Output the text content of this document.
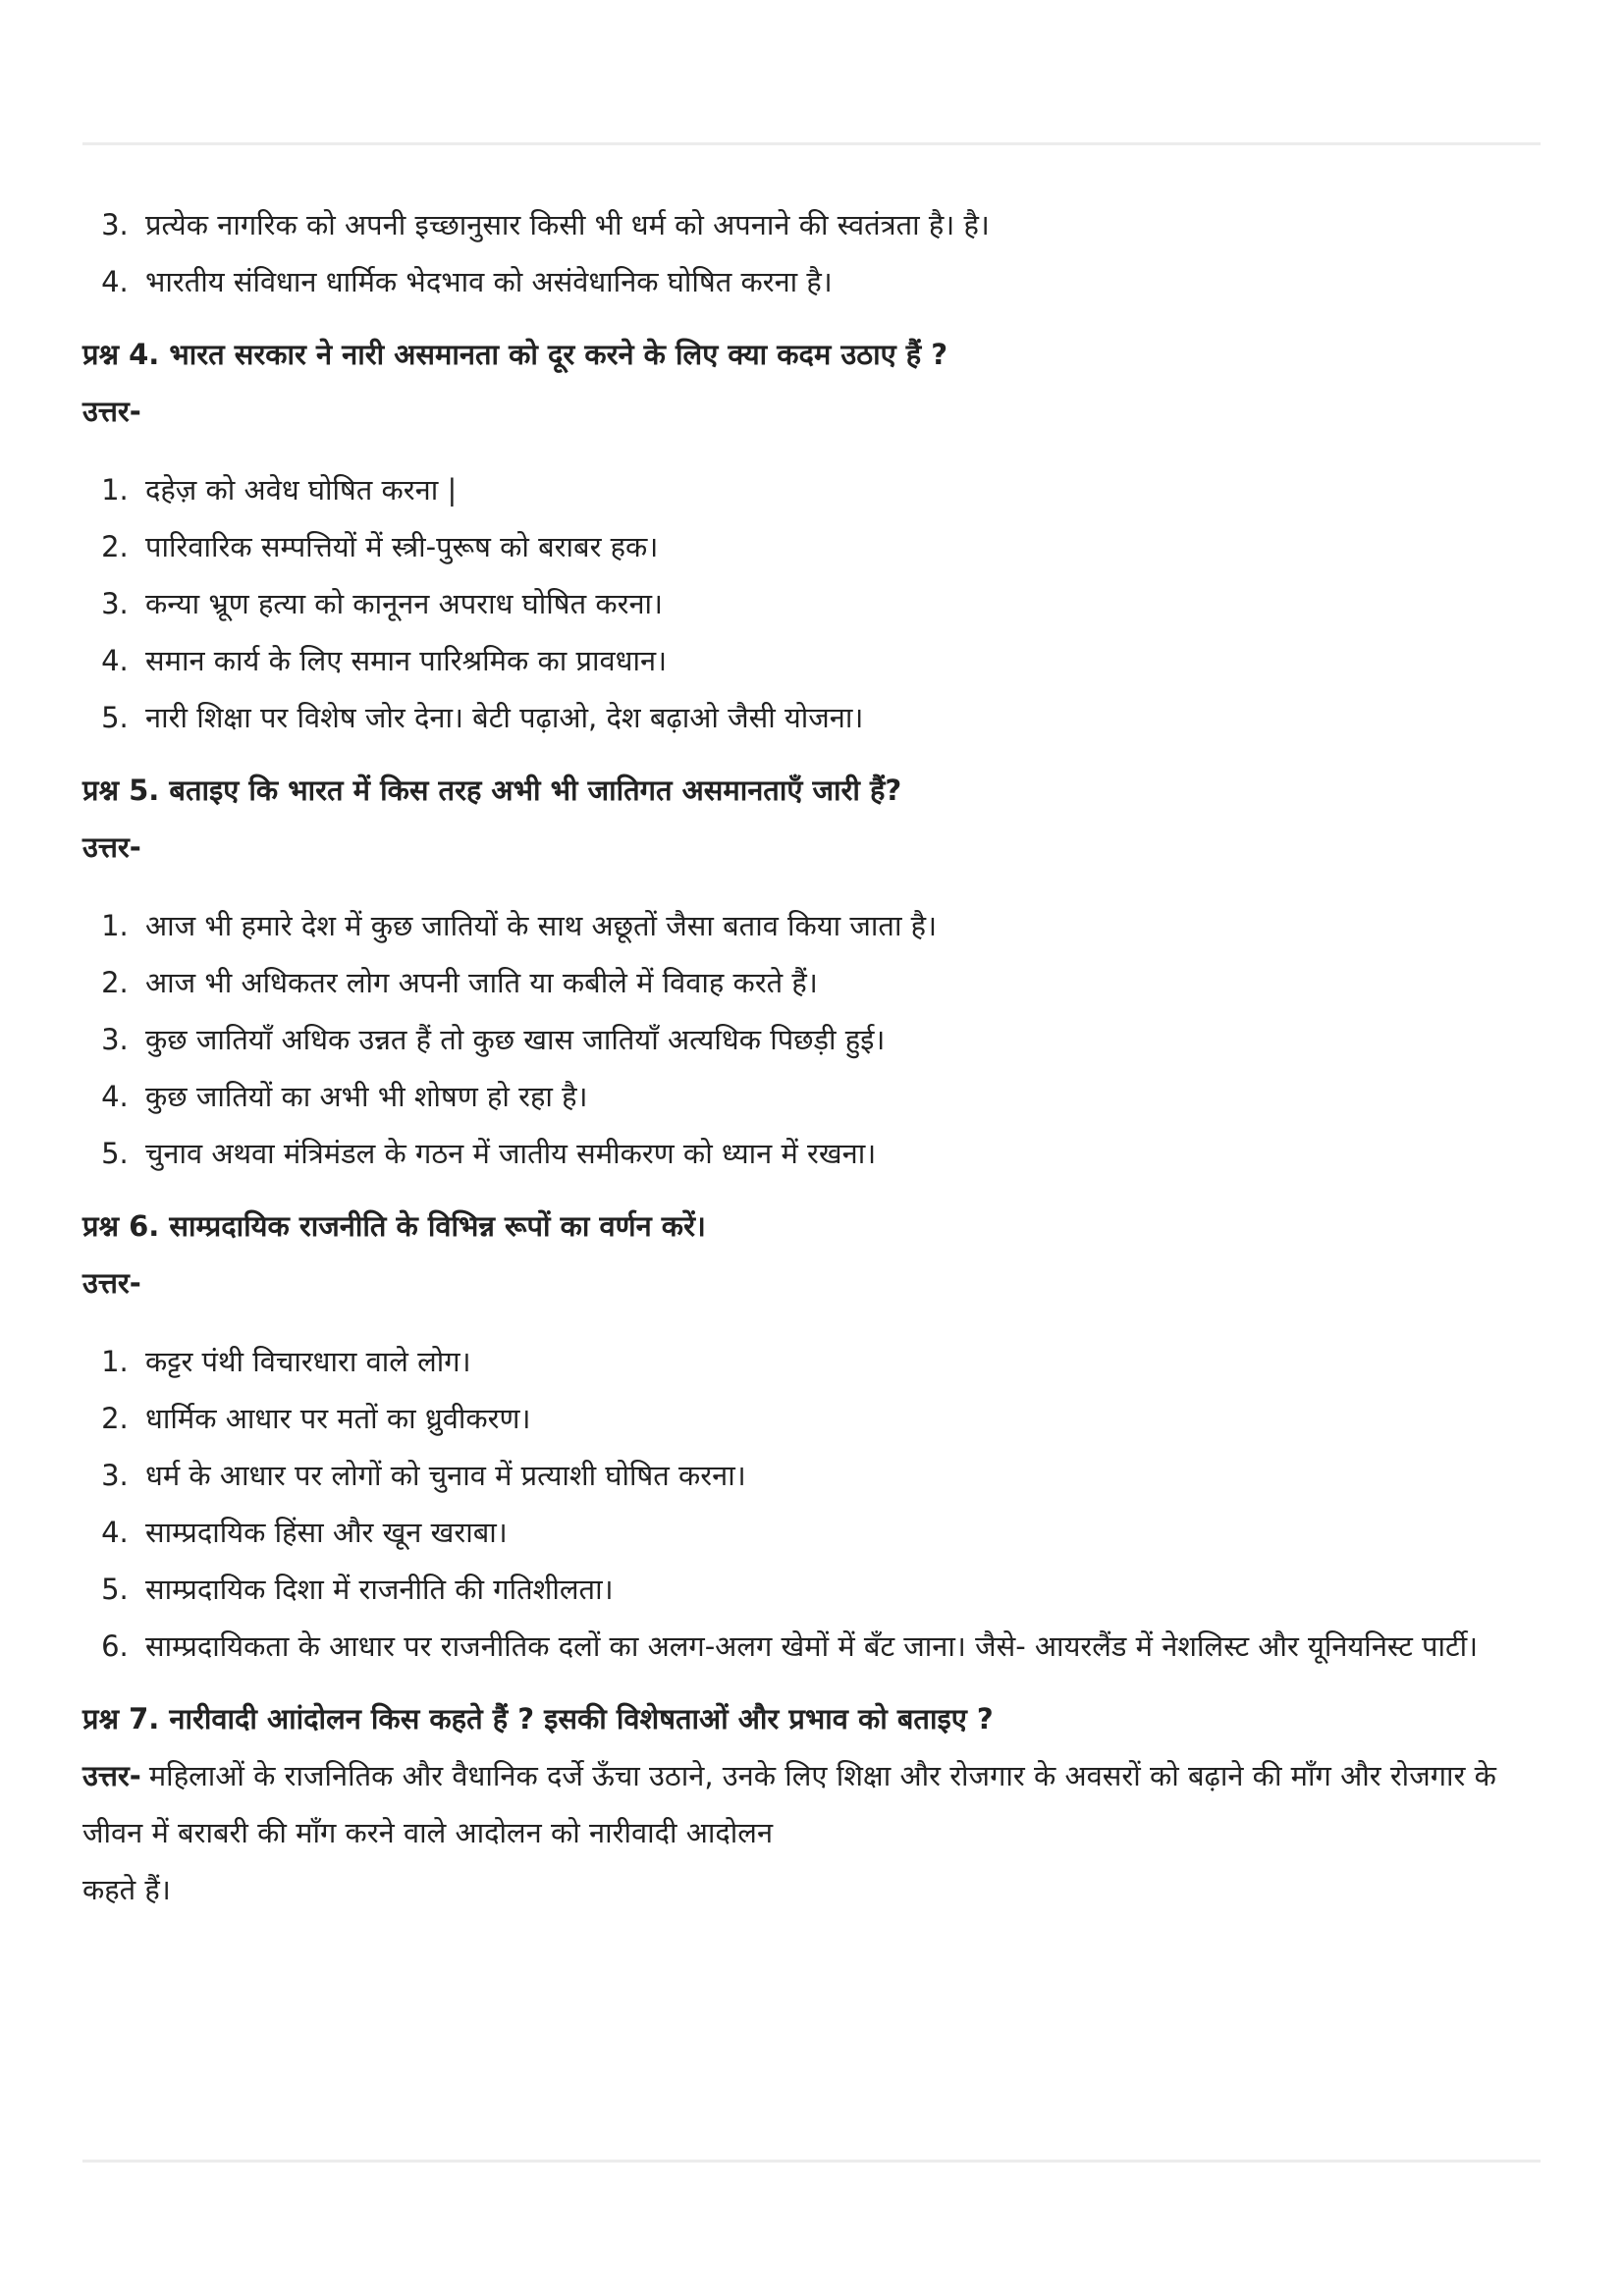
3. प्रत्येक नागरिक को अपनी इच्छानुसार किसी भी धर्म को अपनाने की स्वतंत्रता है। है।
4. भारतीय संविधान धार्मिक भेदभाव को असंवेधानिक घोषित करना है।

प्रश्न 4. भारत सरकार ने नारी असमानता को दूर करने के लिए क्या कदम उठाए हैं ?

उत्तर-

1. दहेज़ को अवेध घोषित करना |
2. पारिवारिक सम्पत्तियों में स्त्री-पुरूष को बराबर हक।
3. कन्या भ्रूण हत्या को कानूनन अपराध घोषित करना।
4. समान कार्य के लिए समान पारिश्रमिक का प्रावधान।
5. नारी शिक्षा पर विशेष जोर देना। बेटी पढ़ाओ, देश बढ़ाओ जैसी योजना।

प्रश्न 5. बताइए कि भारत में किस तरह अभी भी जातिगत असमानताएँ जारी हैं?

उत्तर-

1. आज भी हमारे देश में कुछ जातियों के साथ अछूतों जैसा बताव किया जाता है।
2. आज भी अधिकतर लोग अपनी जाति या कबीले में विवाह करते हैं।
3. कुछ जातियाँ अधिक उन्नत हैं तो कुछ खास जातियाँ अत्यधिक पिछड़ी हुई।
4. कुछ जातियों का अभी भी शोषण हो रहा है।
5. चुनाव अथवा मंत्रिमंडल के गठन में जातीय समीकरण को ध्यान में रखना।

प्रश्न 6. साम्प्रदायिक राजनीति के विभिन्न रूपों का वर्णन करें।

उत्तर-

1. कट्टर पंथी विचारधारा वाले लोग।
2. धार्मिक आधार पर मतों का ध्रुवीकरण।
3. धर्म के आधार पर लोगों को चुनाव में प्रत्याशी घोषित करना।
4. साम्प्रदायिक हिंसा और खून खराबा।
5. साम्प्रदायिक दिशा में राजनीति की गतिशीलता।
6. साम्प्रदायिकता के आधार पर राजनीतिक दलों का अलग-अलग खेमों में बँट जाना। जैसे- आयरलैंड में नेशलिस्ट और यूनियनिस्ट पार्टी।

प्रश्न 7. नारीवादी आांदोलन किस कहते हैं ? इसकी विशेषताओं और प्रभाव को बताइए ?

उत्तर- महिलाओं के राजनितिक और वैधानिक दर्जे ऊँचा उठाने, उनके लिए शिक्षा और रोजगार के अवसरों को बढ़ाने की माँग और रोजगार के जीवन में बराबरी की माँग करने वाले आदोलन को नारीवादी आदोलन

कहते हैं।
